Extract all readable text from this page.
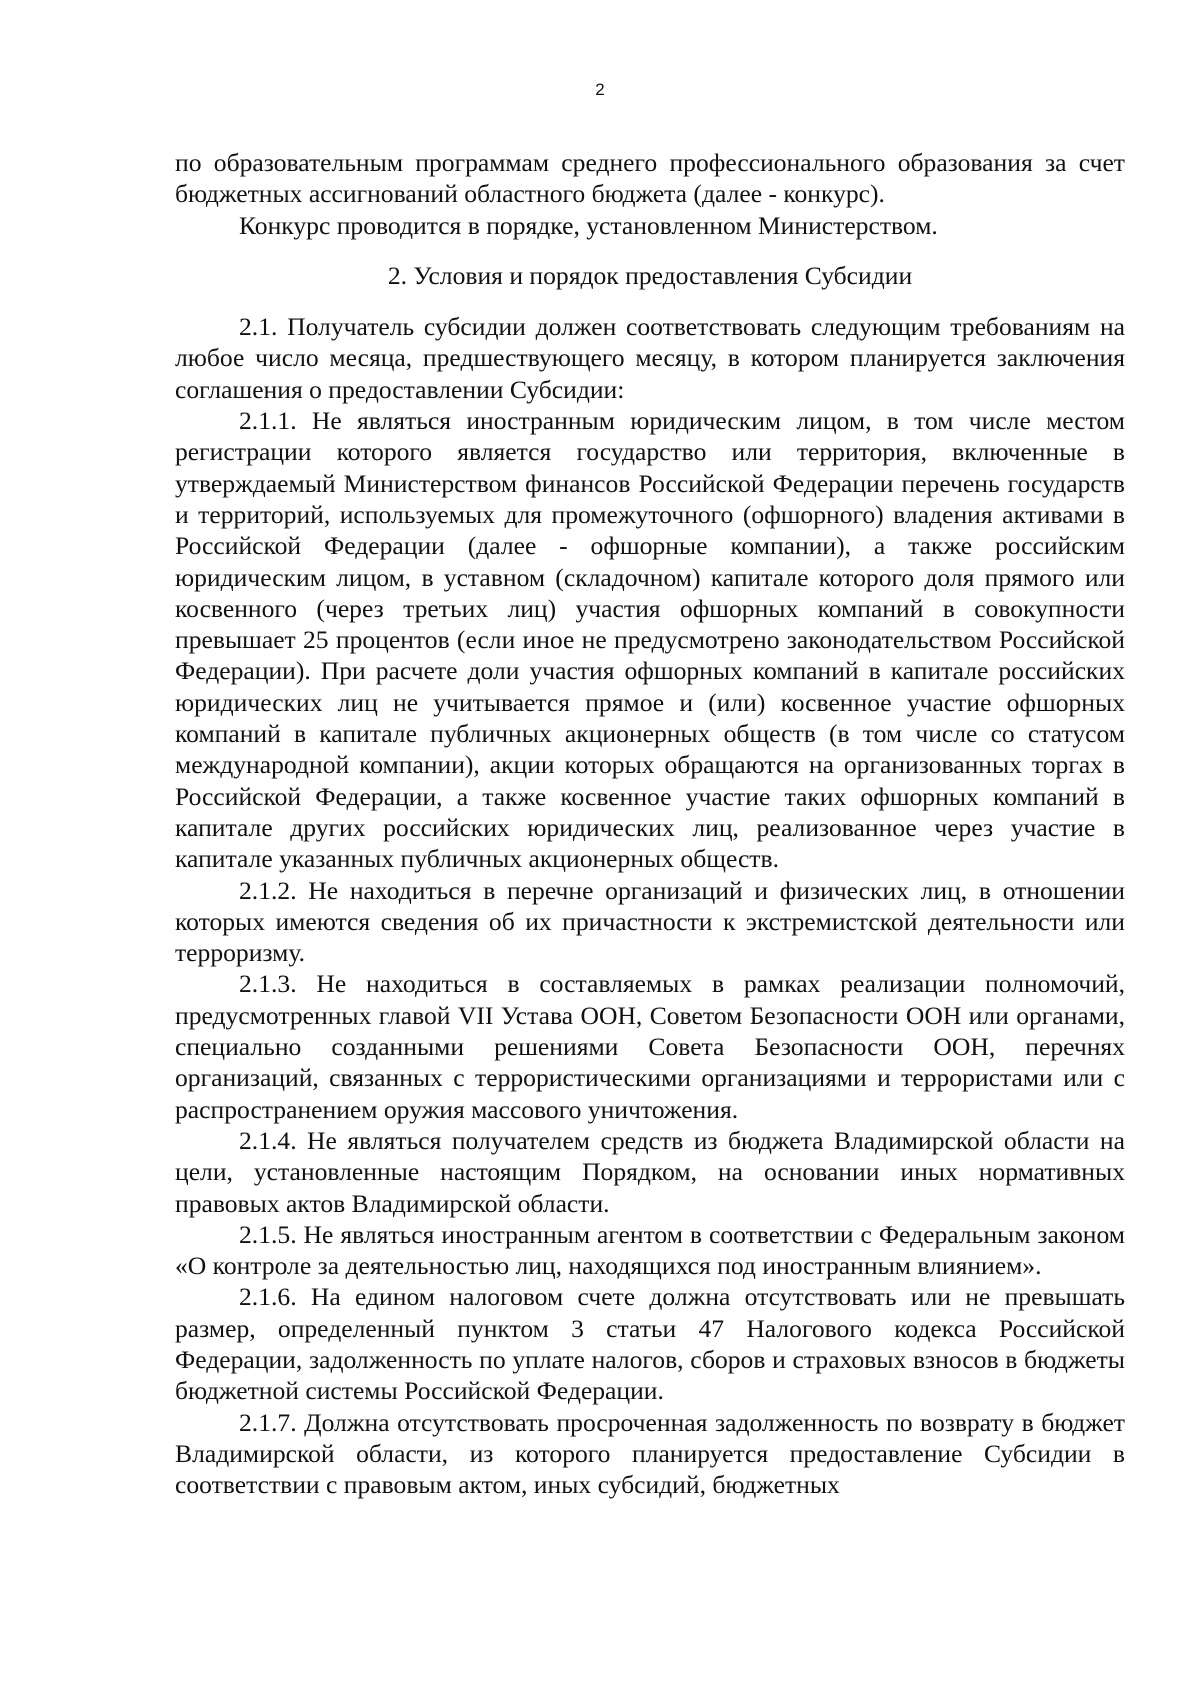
2

по образовательным программам среднего профессионального образования за счет бюджетных ассигнований областного бюджета (далее - конкурс).

Конкурс проводится в порядке, установленном Министерством.

2. Условия и порядок предоставления Субсидии

2.1. Получатель субсидии должен соответствовать следующим требованиям на любое число месяца, предшествующего месяцу, в котором планируется заключения соглашения о предоставлении Субсидии:

2.1.1. Не являться иностранным юридическим лицом, в том числе местом регистрации которого является государство или территория, включенные в утверждаемый Министерством финансов Российской Федерации перечень государств и территорий, используемых для промежуточного (офшорного) владения активами в Российской Федерации (далее - офшорные компании), а также российским юридическим лицом, в уставном (складочном) капитале которого доля прямого или косвенного (через третьих лиц) участия офшорных компаний в совокупности превышает 25 процентов (если иное не предусмотрено законодательством Российской Федерации). При расчете доли участия офшорных компаний в капитале российских юридических лиц не учитывается прямое и (или) косвенное участие офшорных компаний в капитале публичных акционерных обществ (в том числе со статусом международной компании), акции которых обращаются на организованных торгах в Российской Федерации, а также косвенное участие таких офшорных компаний в капитале других российских юридических лиц, реализованное через участие в капитале указанных публичных акционерных обществ.

2.1.2. Не находиться в перечне организаций и физических лиц, в отношении которых имеются сведения об их причастности к экстремистской деятельности или терроризму.

2.1.3. Не находиться в составляемых в рамках реализации полномочий, предусмотренных главой VII Устава ООН, Советом Безопасности ООН или органами, специально созданными решениями Совета Безопасности ООН, перечнях организаций, связанных с террористическими организациями и террористами или с распространением оружия массового уничтожения.

2.1.4. Не являться получателем средств из бюджета Владимирской области на цели, установленные настоящим Порядком, на основании иных нормативных правовых актов Владимирской области.

2.1.5. Не являться иностранным агентом в соответствии с Федеральным законом «О контроле за деятельностью лиц, находящихся под иностранным влиянием».

2.1.6. На едином налоговом счете должна отсутствовать или не превышать размер, определенный пунктом 3 статьи 47 Налогового кодекса Российской Федерации, задолженность по уплате налогов, сборов и страховых взносов в бюджеты бюджетной системы Российской Федерации.

2.1.7. Должна отсутствовать просроченная задолженность по возврату в бюджет Владимирской области, из которого планируется предоставление Субсидии в соответствии с правовым актом, иных субсидий, бюджетных
